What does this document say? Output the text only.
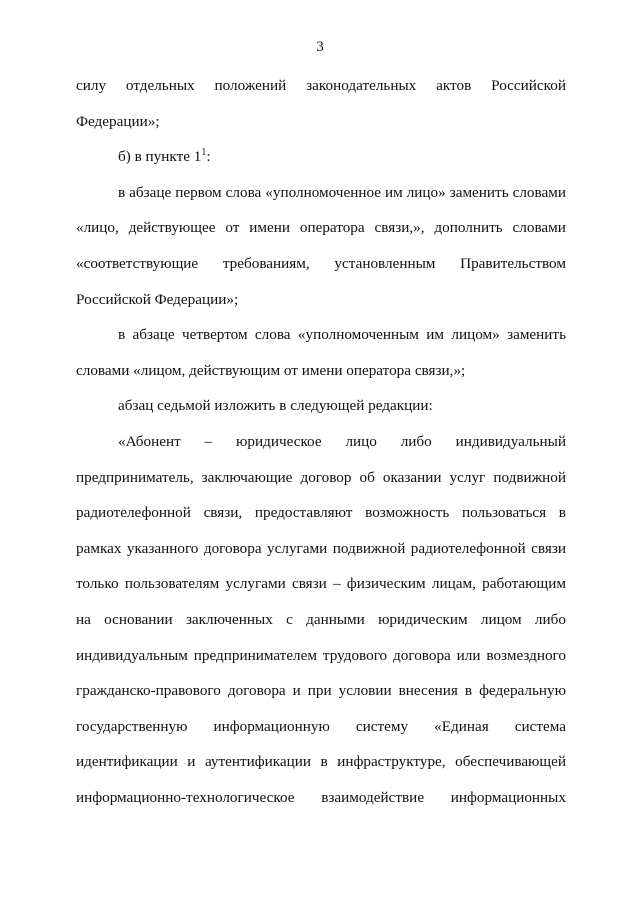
3
силу отдельных положений законодательных актов Российской
Федерации»;
б) в пункте $1^1$:
в абзаце первом слова «уполномоченное им лицо» заменить словами
«лицо, действующее от имени оператора связи,», дополнить словами
«соответствующие требованиям, установленным Правительством
Российской Федерации»;
в абзаце четвертом слова «уполномоченным им лицом» заменить
словами «лицом, действующим от имени оператора связи,»;
абзац седьмой изложить в следующей редакции:
«Абонент – юридическое лицо либо индивидуальный
предприниматель, заключающие договор об оказании услуг подвижной
радиотелефонной связи, предоставляют возможность пользоваться в
рамках указанного договора услугами подвижной радиотелефонной связи
только пользователям услугами связи – физическим лицам, работающим
на основании заключенных с данными юридическим лицом либо
индивидуальным предпринимателем трудового договора или возмездного
гражданско-правового договора и при условии внесения в федеральную
государственную информационную систему «Единая система
идентификации и аутентификации в инфраструктуре, обеспечивающей
информационно-технологическое взаимодействие информационных
